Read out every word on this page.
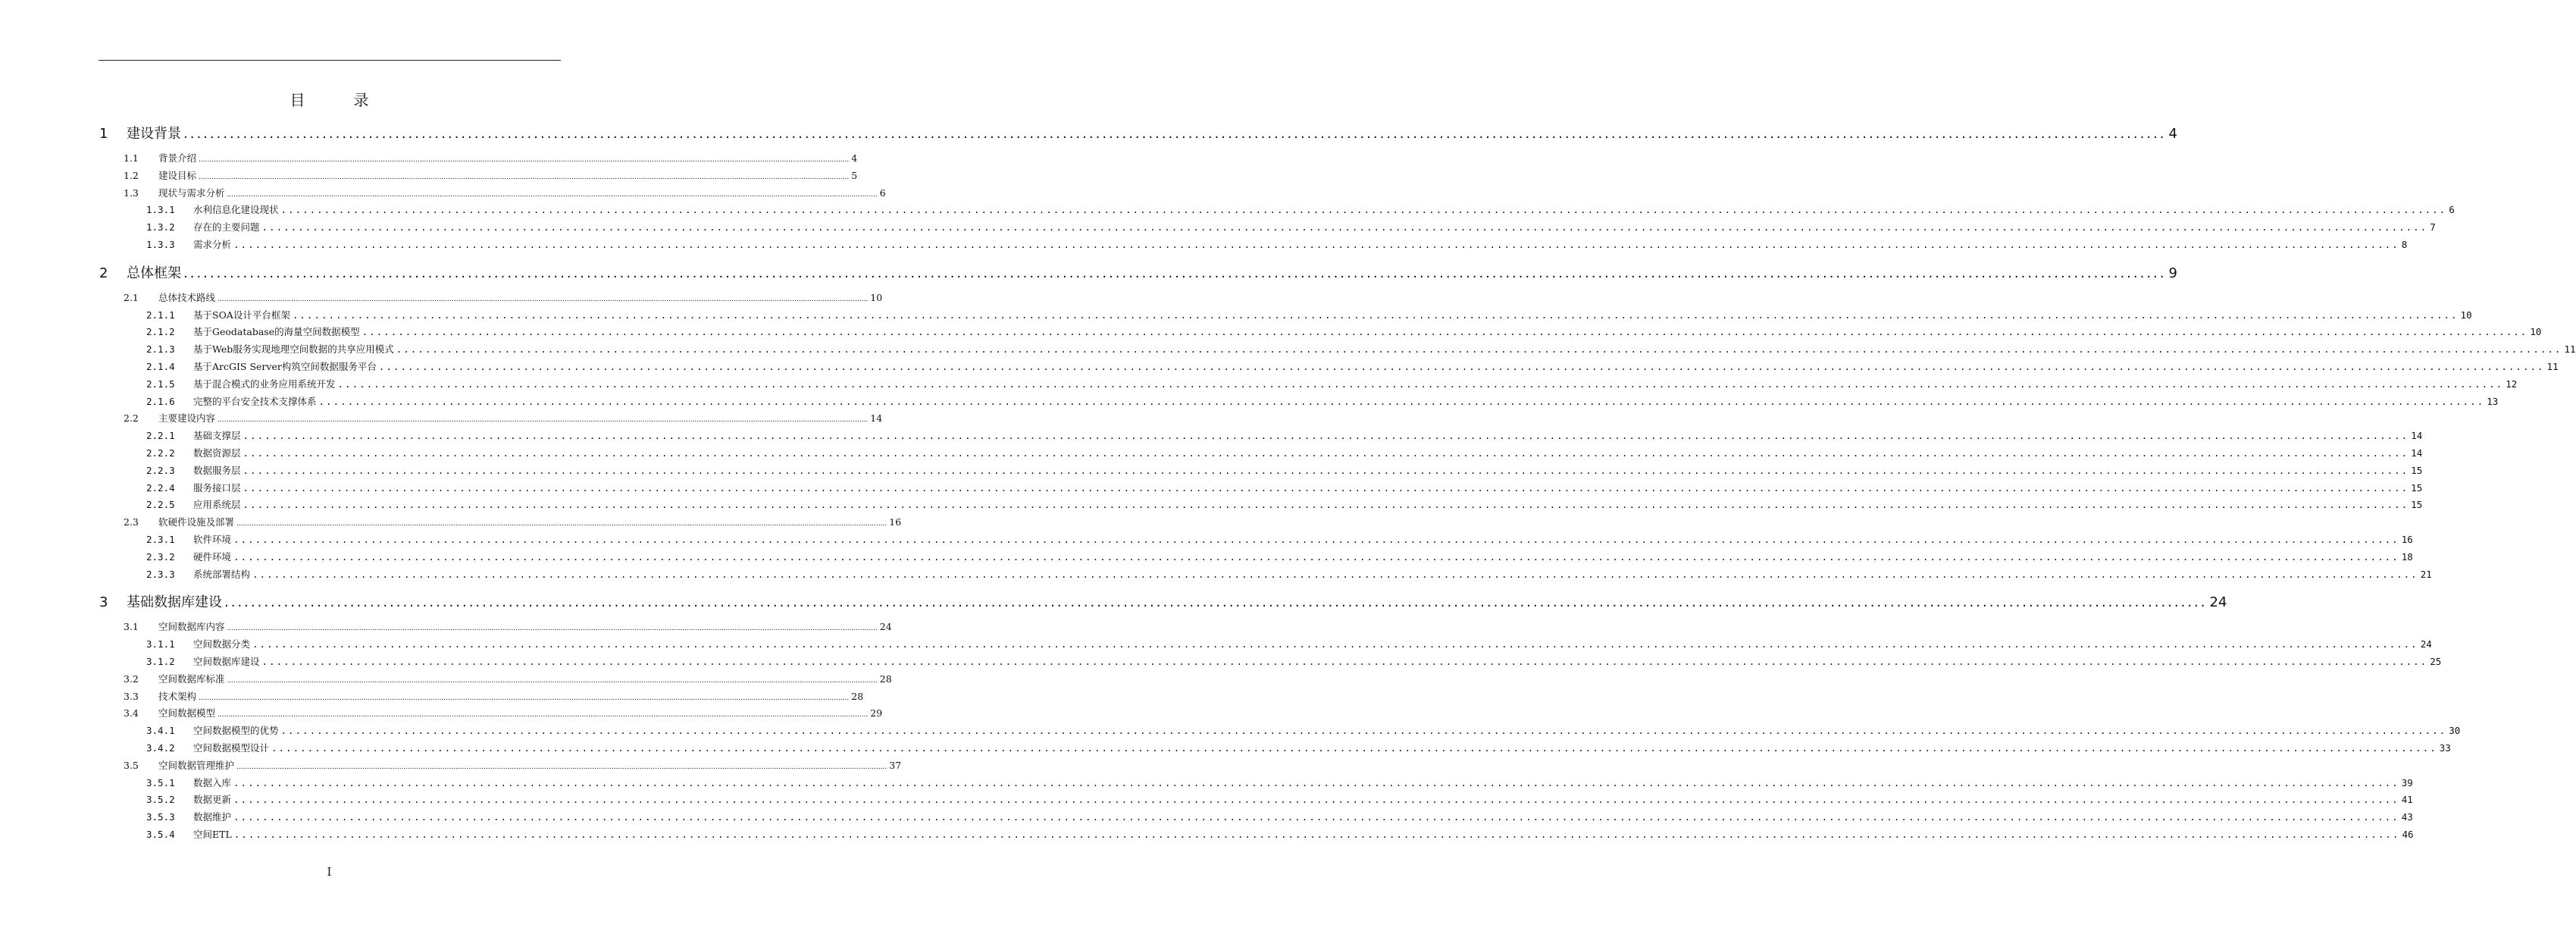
目　录
1	建设背景 ............................................................................................................................................................................................................................................................................................................ 4
1.1	背景介绍 ............................................................................................................................................................................................................................................................................................................ 4
1.2	建设目标 ............................................................................................................................................................................................................................................................................................................ 5
1.3	现状与需求分析 ............................................................................................................................................................................................................................................................................................................ 6
1.3.1	水利信息化建设现状 ............................................................................................................................................................................................................................................................................................................ 6
1.3.2	存在的主要问题 ............................................................................................................................................................................................................................................................................................................ 7
1.3.3	需求分析 ............................................................................................................................................................................................................................................................................................................ 8
2	总体框架 ............................................................................................................................................................................................................................................................................................................ 9
2.1	总体技术路线 ............................................................................................................................................................................................................................................................................................................ 10
2.1.1	基于SOA设计平台框架 ............................................................................................................................................................................................................................................................................................................ 10
2.1.2	基于Geodatabase的海量空间数据模型 ............................................................................................................................................................................................................................................................................................................ 10
2.1.3	基于Web服务实现地理空间数据的共享应用模式 ............................................................................................................................................................................................................................................................................................................ 11
2.1.4	基于ArcGIS Server构筑空间数据服务平台 ............................................................................................................................................................................................................................................................................................................ 11
2.1.5	基于混合模式的业务应用系统开发 ............................................................................................................................................................................................................................................................................................................ 12
2.1.6	完整的平台安全技术支撑体系 ............................................................................................................................................................................................................................................................................................................ 13
2.2	主要建设内容 ............................................................................................................................................................................................................................................................................................................ 14
2.2.1	基础支撑层 ............................................................................................................................................................................................................................................................................................................ 14
2.2.2	数据资源层 ............................................................................................................................................................................................................................................................................................................ 14
2.2.3	数据服务层 ............................................................................................................................................................................................................................................................................................................ 15
2.2.4	服务接口层 ............................................................................................................................................................................................................................................................................................................ 15
2.2.5	应用系统层 ............................................................................................................................................................................................................................................................................................................ 15
2.3	软硬件设施及部署 ............................................................................................................................................................................................................................................................................................................ 16
2.3.1	软件环境 ............................................................................................................................................................................................................................................................................................................ 16
2.3.2	硬件环境 ............................................................................................................................................................................................................................................................................................................ 18
2.3.3	系统部署结构 ............................................................................................................................................................................................................................................................................................................ 21
3	基础数据库建设 ............................................................................................................................................................................................................................................................................................................ 24
3.1	空间数据库内容 ............................................................................................................................................................................................................................................................................................................ 24
3.1.1	空间数据分类 ............................................................................................................................................................................................................................................................................................................ 24
3.1.2	空间数据库建设 ............................................................................................................................................................................................................................................................................................................ 25
3.2	空间数据库标准 ............................................................................................................................................................................................................................................................................................................ 28
3.3	技术架构 ............................................................................................................................................................................................................................................................................................................ 28
3.4	空间数据模型 ............................................................................................................................................................................................................................................................................................................ 29
3.4.1	空间数据模型的优势 ............................................................................................................................................................................................................................................................................................................ 30
3.4.2	空间数据模型设计 ............................................................................................................................................................................................................................................................................................................ 33
3.5	空间数据管理维护 ............................................................................................................................................................................................................................................................................................................ 37
3.5.1	数据入库 ............................................................................................................................................................................................................................................................................................................ 39
3.5.2	数据更新 ............................................................................................................................................................................................................................................................................................................ 41
3.5.3	数据维护 ............................................................................................................................................................................................................................................................................................................ 43
3.5.4	空间ETL ............................................................................................................................................................................................................................................................................................................ 46
I
